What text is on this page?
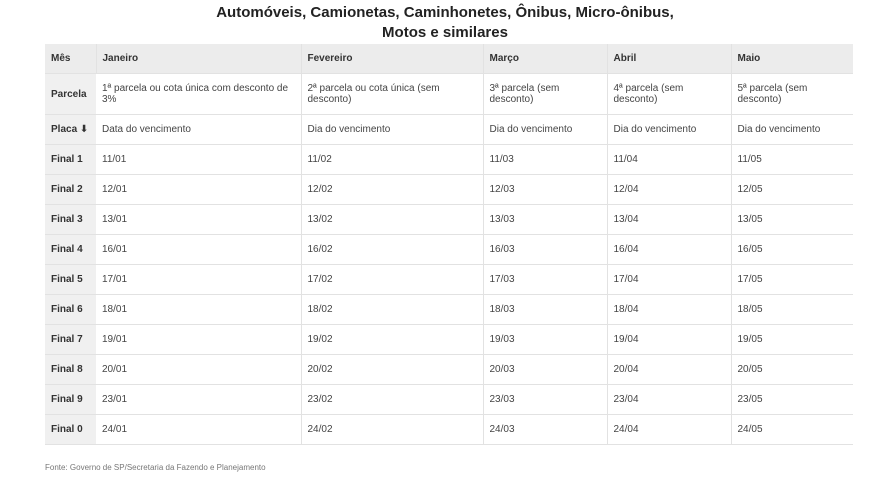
Automóveis, Camionetas, Caminhonetes, Ônibus, Micro-ônibus,
Motos e similares
Mês	Janeiro	Fevereiro	Março	Abril	Maio
Parcela	1ª parcela ou cota única com desconto de 3%	2ª parcela ou cota única (sem desconto)	3ª parcela (sem desconto)	4ª parcela (sem desconto)	5ª parcela (sem desconto)
Placa ⬇	Data do vencimento	Dia do vencimento	Dia do vencimento	Dia do vencimento	Dia do vencimento
Final 1	11/01	11/02	11/03	11/04	11/05
Final 2	12/01	12/02	12/03	12/04	12/05
Final 3	13/01	13/02	13/03	13/04	13/05
Final 4	16/01	16/02	16/03	16/04	16/05
Final 5	17/01	17/02	17/03	17/04	17/05
Final 6	18/01	18/02	18/03	18/04	18/05
Final 7	19/01	19/02	19/03	19/04	19/05
Final 8	20/01	20/02	20/03	20/04	20/05
Final 9	23/01	23/02	23/03	23/04	23/05
Final 0	24/01	24/02	24/03	24/04	24/05
Fonte: Governo de SP/Secretaria da Fazendo e Planejamento
